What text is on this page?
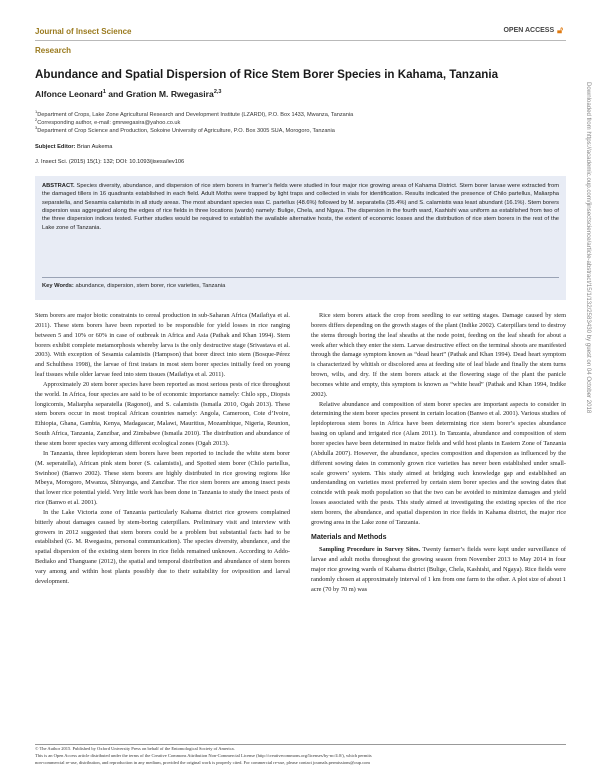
Journal of Insect Science
Research
OPEN ACCESS 🔓︎
Abundance and Spatial Dispersion of Rice Stem Borer Species in Kahama, Tanzania
Alfonce Leonard$^1$ and Gration M. Rwegasira$^{2,3}$
$^1$Department of Crops, Lake Zone Agricultural Research and Development Institute (LZARDI), P.O. Box 1433, Mwanza, Tanzania
$^2$Corresponding author, e-mail: gmrwegasira@yahoo.co.uk
$^3$Department of Crop Science and Production, Sokoine University of Agriculture, P.O. Box 3005 SUA, Morogoro, Tanzania
Subject Editor: Brian Aukema
J. Insect Sci. (2015) 15(1): 132; DOI: 10.1093/jisesa/iev106
ABSTRACT. Species diversity, abundance, and dispersion of rice stem borers in framer’s fields were studied in four major rice growing areas of Kahama District. Stem borer larvae were extracted from the damaged tillers in 16 quadrants established in each field. Adult Moths were trapped by light traps and collected in vials for identification. Results indicated the presence of Chilo partellus, Maliarpha separatella, and Sesamia calamistis in all study areas. The most abundant species was C. partellus (48.6%) followed by M. separatella (35.4%) and S. calamistis was least abundant (16.1%). Stem borers dispersion was aggregated along the edges of rice fields in three locations (wards) namely: Bulige, Chela, and Ngaya. The dispersion in the fourth ward, Kashishi was uniform as established from two of the three dispersion indices tested. Further studies would be required to establish the available alternative hosts, the extent of economic losses and the distribution of rice stem borers in the rest of the Lake zone of Tanzania.
Key Words: abundance, dispersion, stem borer, rice varieties, Tanzania

Stem borers are major biotic constraints to cereal production in sub-Saharan Africa (Mailafiya et al. 2011). These stem borers have been reported to be responsible for yield losses in rice ranging between 5 and 10% or 60% in case of outbreak in Africa and Asia (Pathak and Khan 1994). Stem borers exhibit complete metamorphosis whereby larva is the only destructive stage (Srivastava et al. 2003). With exception of Sesamia calamistis (Hampson) that borer direct into stem (Bosque-Pérez and Schulthess 1998), the larvae of first instars in most stem borer species initially feed on young leaf tissues while older larvae feed into stem tissues (Mailafiya et al. 2011).

Approximately 20 stem borer species have been reported as most serious pests of rice throughout the world. In Africa, four species are said to be of economic importance namely: Chilo spp., Diopsis longicornis, Maliarpha separatella (Ragonot), and S. calamistis (Ismaila 2010, Ogah 2013). These stem borers occur in most tropical African countries namely: Angola, Cameroon, Cote d’Ivoire, Ethiopia, Ghana, Gambia, Kenya, Madagascar, Malawi, Mauritius, Mozambique, Nigeria, Reunion, South Africa, Tanzania, Zanzibar, and Zimbabwe (Ismaila 2010). The distribution and abundance of these stem borer species vary among different ecological zones (Ogah 2013).

In Tanzania, three lepidopteran stem borers have been reported to include the white stem borer (M. seperatella), African pink stem borer (S. calamistis), and Spotted stem borer (Chilo partellus, Swinhoe) (Banwo 2002). These stem borers are highly distributed in rice growing regions like Mbeya, Morogoro, Mwanza, Shinyanga, and Zanzibar. The rice stem borers are among insect pests that lower rice potential yield. Very little work has been done in Tanzania to study the insect pests of rice (Banwo et al. 2001).

In the Lake Victoria zone of Tanzania particularly Kahama district rice growers complained bitterly about damages caused by stem-boring caterpillars. Preliminary visit and interview with growers in 2012 suggested that stem borers could be a problem but substantial facts had to be established (G. M. Rwegasira, personal communication). The species diversity, abundance, and the spatial dispersion of the existing stem borers in rice fields remained unknown. According to Addo-Bediako and Thanguane (2012), the spatial and temporal distribution and abundance of stem borers vary among and within host plants possibly due to their suitability for oviposition and larval development.

Rice stem borers attack the crop from seedling to ear setting stages. Damage caused by stem borers differs depending on the growth stages of the plant (Indike 2002). Caterpillars tend to destroy the stems through boring the leaf sheaths at the node point, feeding on the leaf sheath for about a week after which they enter the stem. Larvae destructive effect on the terminal shoots are manifested through the damage symptom known as “dead heart” (Pathak and Khan 1994). Dead heart symptom is characterized by whitish or discolored area at feeding site of leaf blade and finally the stem turns brown, wilts, and dry. If the stem borers attack at the flowering stage of the plant the panicle becomes white and empty, this symptom is known as “white head” (Pathak and Khan 1994, Indike 2002).

Relative abundance and composition of stem borer species are important aspects to consider in determining the stem borer species present in certain location (Banwo et al. 2001). Various studies of lepidopterous stem bores in Africa have been determining rice stem borer’s species abundance basing on upland and irrigated rice (Alam 2011). In Tanzania, abundance and composition of stem borer species have been determined in maize fields and wild host plants in Eastern Zone of Tanzania (Abdulla 2007). However, the abundance, species composition and dispersion as influenced by the different sowing dates in commonly grown rice varieties has never been established under small-scale growers’ system. This study aimed at bridging such knowledge gap and established an understanding on varieties most preferred by certain stem borer species and the sowing dates that coincide with peak moth population so that the two can be avoided to minimize damages and yield losses associated with the pests. This study aimed at investigating the existing species of the rice stem borers, the abundance, and spatial dispersion in rice fields in Kahama district, the major rice growing area in the Lake zone of Tanzania.

Materials and Methods

Sampling Procedure in Survey Sites. Twenty farmer’s fields were kept under surveillance of larvae and adult moths throughout the growing season from November 2013 to May 2014 in four major rice growing wards of Kahama district (Bulige, Chela, Kashishi, and Ngaya). Rice fields were randomly chosen at approximately interval of 1 km from one farm to the other. A plot size of about 1 acre (70 by 70 m) was

© The Author 2015. Published by Oxford University Press on behalf of the Entomological Society of America.
This is an Open Access article distributed under the terms of the Creative Commons Attribution Non-Commercial License (http://creativecommons.org/licenses/by-nc/4.0/), which permits
non-commercial re-use, distribution, and reproduction in any medium, provided the original work is properly cited. For commercial re-use, please contact journals.permissions@oup.com
Downloaded from https://academic.oup.com/jinsectscience/article-abstract/15/1/132/2583430 by guest on 04 October 2018
